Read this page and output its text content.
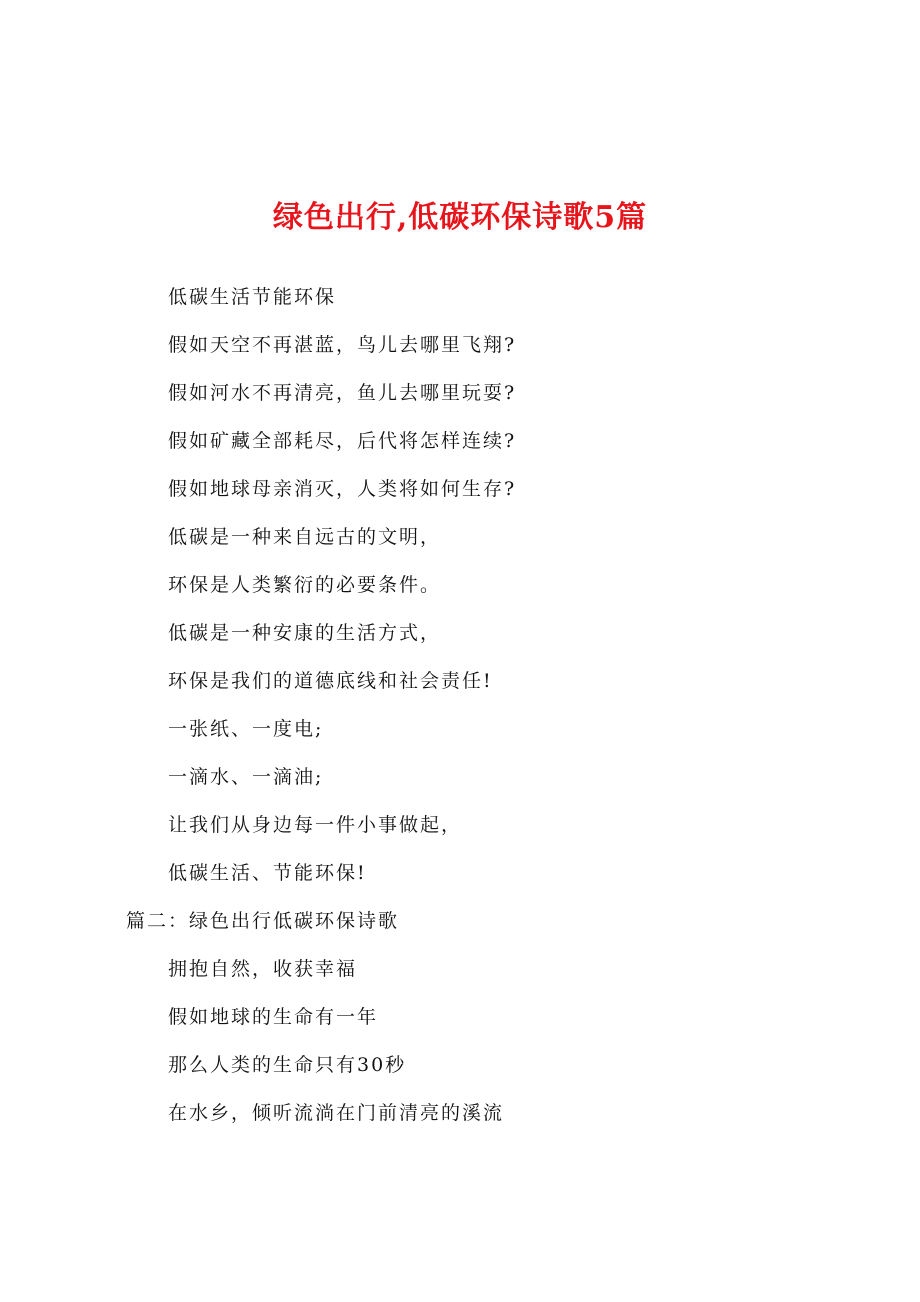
绿色出行,低碳环保诗歌5篇
低碳生活节能环保
假如天空不再湛蓝，鸟儿去哪里飞翔?
假如河水不再清亮，鱼儿去哪里玩耍?
假如矿藏全部耗尽，后代将怎样连续?
假如地球母亲消灭，人类将如何生存?
低碳是一种来自远古的文明，
环保是人类繁衍的必要条件。
低碳是一种安康的生活方式，
环保是我们的道德底线和社会责任!
一张纸、一度电;
一滴水、一滴油;
让我们从身边每一件小事做起，
低碳生活、节能环保!
篇二：绿色出行低碳环保诗歌
拥抱自然，收获幸福
假如地球的生命有一年
那么人类的生命只有30秒
在水乡，倾听流淌在门前清亮的溪流
